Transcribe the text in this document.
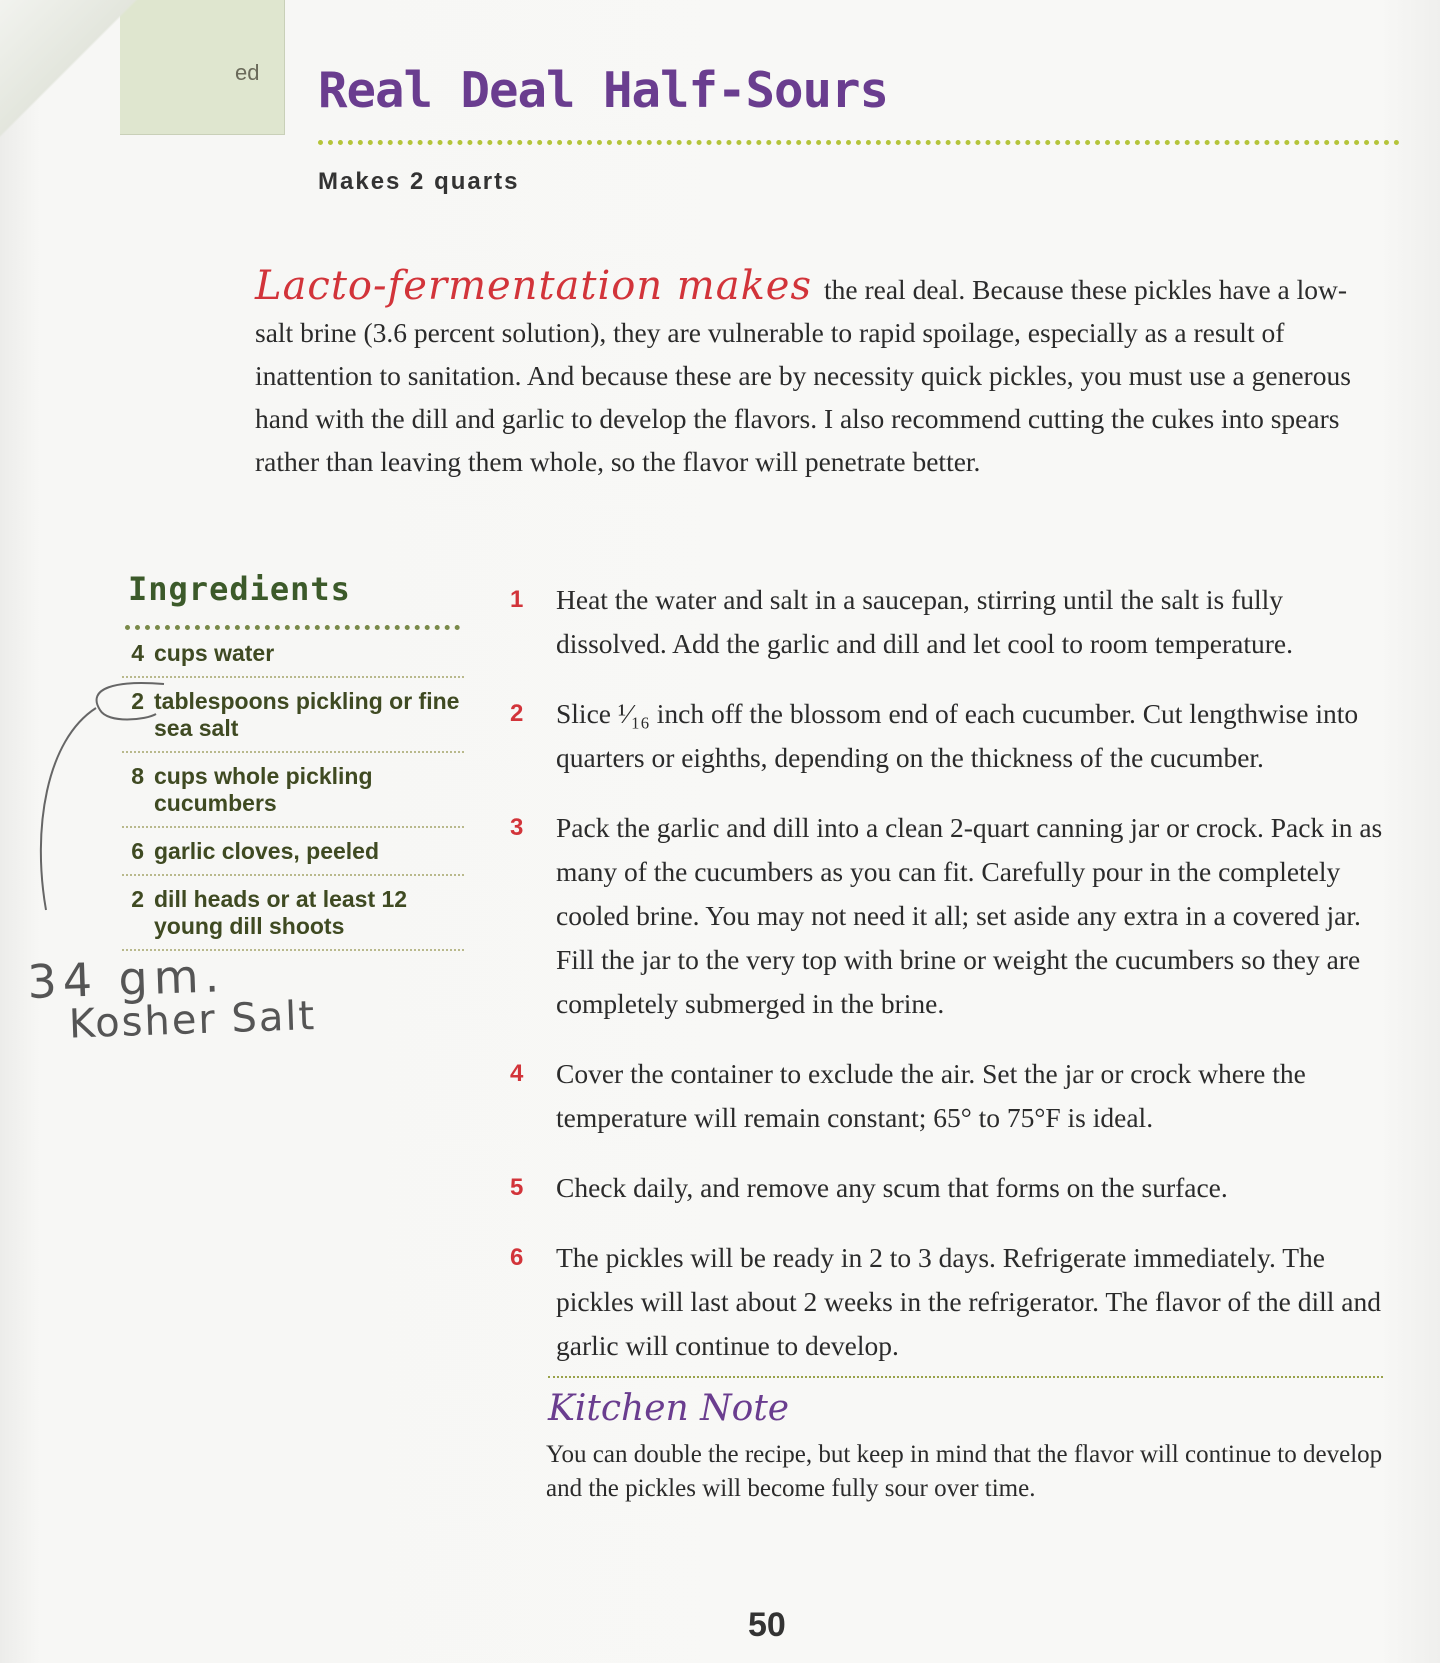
ed Real Deal Half-Sours
Makes 2 quarts
Lacto-fermentation makes the real deal. Because these pickles have a low-salt brine (3.6 percent solution), they are vulnerable to rapid spoilage, especially as a result of inattention to sanitation. And because these are by necessity quick pickles, you must use a generous hand with the dill and garlic to develop the flavors. I also recommend cutting the cukes into spears rather than leaving them whole, so the flavor will penetrate better.
Ingredients
4 cups water
2 tablespoons pickling or fine sea salt
8 cups whole pickling cucumbers
6 garlic cloves, peeled
2 dill heads or at least 12 young dill shoots
34 gm.
Kosher Salt
1	Heat the water and salt in a saucepan, stirring until the salt is fully dissolved. Add the garlic and dill and let cool to room temperature.
2	Slice ¹⁄₁₆ inch off the blossom end of each cucumber. Cut lengthwise into quarters or eighths, depending on the thickness of the cucumber.
3	Pack the garlic and dill into a clean 2-quart canning jar or crock. Pack in as many of the cucumbers as you can fit. Carefully pour in the completely cooled brine. You may not need it all; set aside any extra in a covered jar. Fill the jar to the very top with brine or weight the cucumbers so they are completely submerged in the brine.
4	Cover the container to exclude the air. Set the jar or crock where the temperature will remain constant; 65° to 75°F is ideal.
5	Check daily, and remove any scum that forms on the surface.
6	The pickles will be ready in 2 to 3 days. Refrigerate immediately. The pickles will last about 2 weeks in the refrigerator. The flavor of the dill and garlic will continue to develop.
Kitchen Note
You can double the recipe, but keep in mind that the flavor will continue to develop and the pickles will become fully sour over time.
50
